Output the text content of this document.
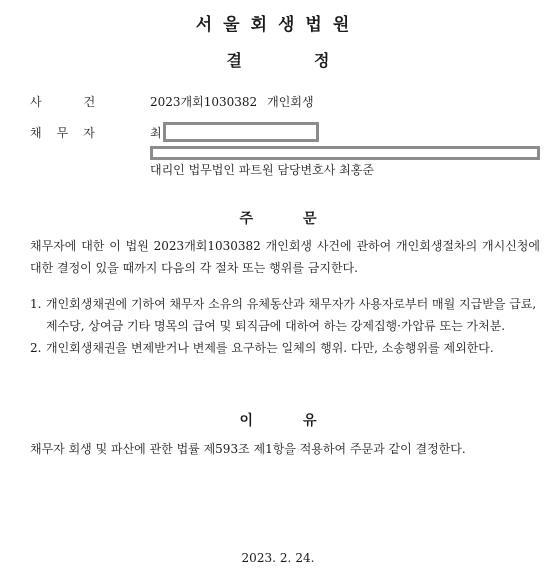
서울회생법원
결	정
사	건	2023개회1030382 개인회생
채 무 자	최
대리인 법무법인 파트원 담당변호사 최홍준
주	문
채무자에 대한 이 법원 2023개회1030382 개인회생 사건에 관하여 개인회생절차의 개시신청에 대한 결정이 있을 때까지 다음의 각 절차 또는 행위를 금지한다.
1. 개인회생채권에 기하여 채무자 소유의 유체동산과 채무자가 사용자로부터 매월 지급받을 급료, 제수당, 상여금 기타 명목의 급여 및 퇴직금에 대하여 하는 강제집행·가압류 또는 가처분.
2. 개인회생채권을 변제받거나 변제를 요구하는 일체의 행위. 다만, 소송행위를 제외한다.
이	유
채무자 회생 및 파산에 관한 법률 제593조 제1항을 적용하여 주문과 같이 결정한다.
2023. 2. 24.
